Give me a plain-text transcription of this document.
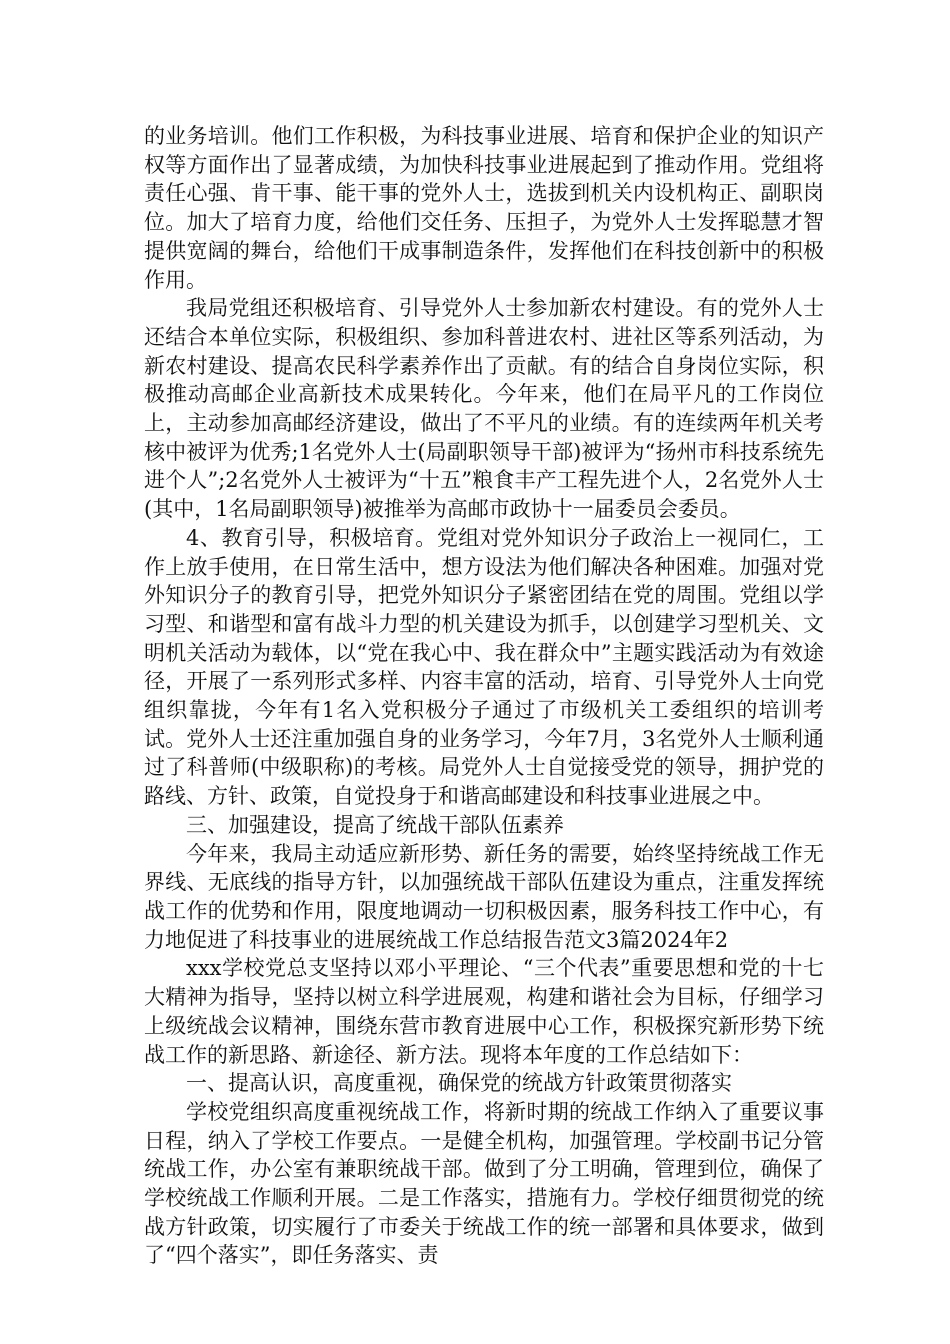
的业务培训。他们工作积极，为科技事业进展、培育和保护企业的知识产权等方面作出了显著成绩，为加快科技事业进展起到了推动作用。党组将责任心强、肯干事、能干事的党外人士，选拔到机关内设机构正、副职岗位。加大了培育力度，给他们交任务、压担子，为党外人士发挥聪慧才智提供宽阔的舞台，给他们干成事制造条件，发挥他们在科技创新中的积极作用。

我局党组还积极培育、引导党外人士参加新农村建设。有的党外人士还结合本单位实际，积极组织、参加科普进农村、进社区等系列活动，为新农村建设、提高农民科学素养作出了贡献。有的结合自身岗位实际，积极推动高邮企业高新技术成果转化。今年来，他们在局平凡的工作岗位上，主动参加高邮经济建设，做出了不平凡的业绩。有的连续两年机关考核中被评为优秀;1名党外人士(局副职领导干部)被评为“扬州市科技系统先进个人”;2名党外人士被评为“十五”粮食丰产工程先进个人，2名党外人士(其中，1名局副职领导)被推举为高邮市政协十一届委员会委员。

4、教育引导，积极培育。党组对党外知识分子政治上一视同仁，工作上放手使用，在日常生活中，想方设法为他们解决各种困难。加强对党外知识分子的教育引导，把党外知识分子紧密团结在党的周围。党组以学习型、和谐型和富有战斗力型的机关建设为抓手，以创建学习型机关、文明机关活动为载体，以“党在我心中、我在群众中”主题实践活动为有效途径，开展了一系列形式多样、内容丰富的活动，培育、引导党外人士向党组织靠拢，今年有1名入党积极分子通过了市级机关工委组织的培训考试。党外人士还注重加强自身的业务学习，今年7月，3名党外人士顺利通过了科普师(中级职称)的考核。局党外人士自觉接受党的领导，拥护党的路线、方针、政策，自觉投身于和谐高邮建设和科技事业进展之中。

三、加强建设，提高了统战干部队伍素养

今年来，我局主动适应新形势、新任务的需要，始终坚持统战工作无界线、无底线的指导方针，以加强统战干部队伍建设为重点，注重发挥统战工作的优势和作用，限度地调动一切积极因素，服务科技工作中心，有力地促进了科技事业的进展统战工作总结报告范文3篇2024年2

xxx学校党总支坚持以邓小平理论、“三个代表”重要思想和党的十七大精神为指导，坚持以树立科学进展观，构建和谐社会为目标，仔细学习上级统战会议精神，围绕东营市教育进展中心工作，积极探究新形势下统战工作的新思路、新途径、新方法。现将本年度的工作总结如下：

一、提高认识，高度重视，确保党的统战方针政策贯彻落实

学校党组织高度重视统战工作，将新时期的统战工作纳入了重要议事日程，纳入了学校工作要点。一是健全机构，加强管理。学校副书记分管统战工作，办公室有兼职统战干部。做到了分工明确，管理到位，确保了学校统战工作顺利开展。二是工作落实，措施有力。学校仔细贯彻党的统战方针政策，切实履行了市委关于统战工作的统一部署和具体要求，做到了“四个落实”，即任务落实、责
